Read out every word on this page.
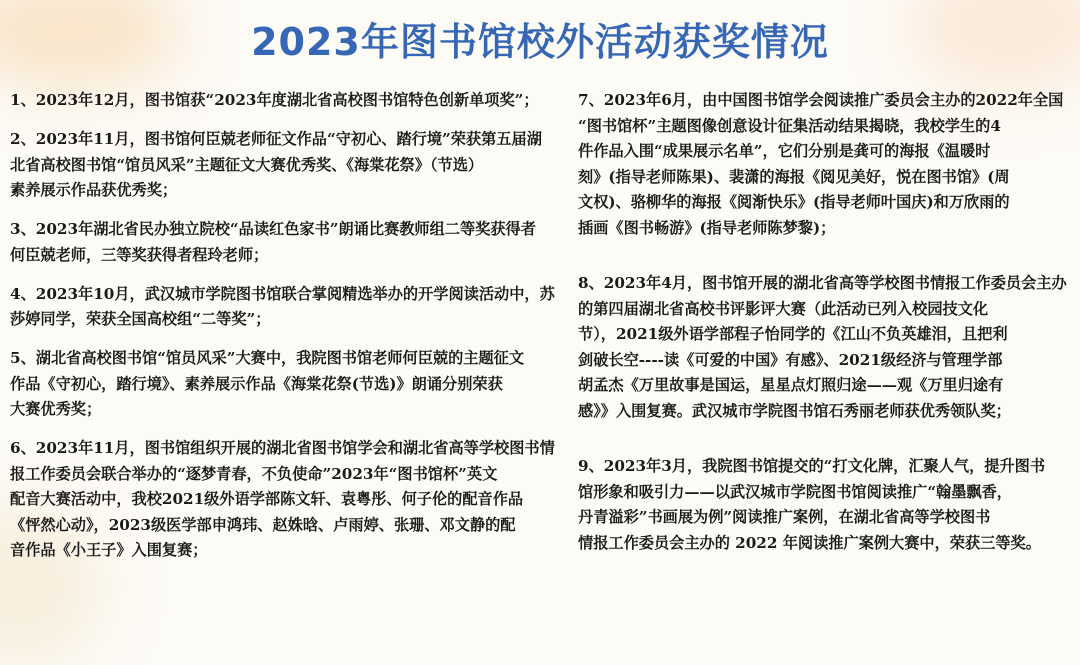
2023年图书馆校外活动获奖情况
1、2023年12月，图书馆获“2023年度湖北省高校图书馆特色创新单项奖”；
2、2023年11月，图书馆何臣兢老师征文作品“守初心、踏行境”荣获第五届湖
北省高校图书馆“馆员风采”主题征文大赛优秀奖、《海棠花祭》（节选）
素养展示作品获优秀奖；
3、2023年湖北省民办独立院校“品读红色家书”朗诵比赛教师组二等奖获得者
何臣兢老师，三等奖获得者程玲老师；
4、2023年10月，武汉城市学院图书馆联合掌阅精选举办的开学阅读活动中，苏
莎婷同学，荣获全国高校组“二等奖”；
5、湖北省高校图书馆“馆员风采”大赛中，我院图书馆老师何臣兢的主题征文
作品《守初心，踏行境》、素养展示作品《海棠花祭(节选)》朗诵分别荣获
大赛优秀奖；
6、2023年11月，图书馆组织开展的湖北省图书馆学会和湖北省高等学校图书情
报工作委员会联合举办的“逐梦青春，不负使命”2023年“图书馆杯”英文
配音大赛活动中，我校2021级外语学部陈文轩、袁粤彤、何子伦的配音作品
《怦然心动》，2023级医学部申鸿玮、赵姝晗、卢雨婷、张珊、邓文静的配
音作品《小王子》入围复赛；
7、2023年6月，由中国图书馆学会阅读推广委员会主办的2022年全国
“图书馆杯”主题图像创意设计征集活动结果揭晓，我校学生的4
件作品入围“成果展示名单”，它们分别是龚可的海报《温暖时
刻》(指导老师陈果)、裴潇的海报《阅见美好，悦在图书馆》(周
文权)、骆柳华的海报《阅渐快乐》(指导老师叶国庆)和万欣雨的
插画《图书畅游》(指导老师陈梦黎)；
8、2023年4月，图书馆开展的湖北省高等学校图书情报工作委员会主办
的第四届湖北省高校书评影评大赛（此活动已列入校园技文化
节），2021级外语学部程子怡同学的《江山不负英雄泪，且把利
剑破长空----读《可爱的中国》有感》、2021级经济与管理学部
胡孟杰《万里故事是国运，星星点灯照归途——观《万里归途有
感》》入围复赛。武汉城市学院图书馆石秀丽老师获优秀领队奖；
9、2023年3月，我院图书馆提交的“打文化牌，汇聚人气，提升图书
馆形象和吸引力——以武汉城市学院图书馆阅读推广“翰墨飘香，
丹青溢彩”书画展为例”阅读推广案例，在湖北省高等学校图书
情报工作委员会主办的 2022 年阅读推广案例大赛中，荣获三等奖。
